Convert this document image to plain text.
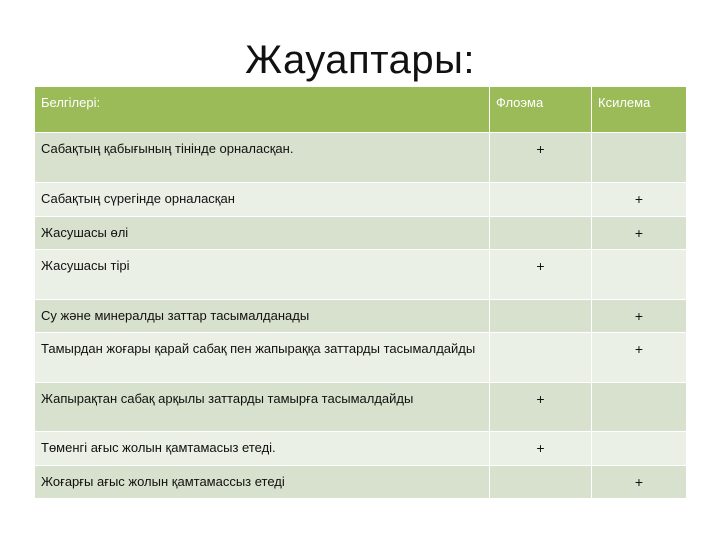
Жауаптары:
Белгілері:	Флоэма	Ксилема
Сабақтың қабығының тінінде орналасқан.	+	
Сабақтың сүрегінде орналасқан		+
Жасушасы өлі		+
Жасушасы тірі	+	
Су және минералды заттар тасымалданады		+
Тамырдан жоғары қарай сабақ пен жапыраққа заттарды тасымалдайды		+
Жапырақтан сабақ арқылы заттарды тамырға тасымалдайды	+	
Төменгі ағыс жолын қамтамасыз етеді.	+	
Жоғарғы ағыс жолын қамтамассыз етеді		+
